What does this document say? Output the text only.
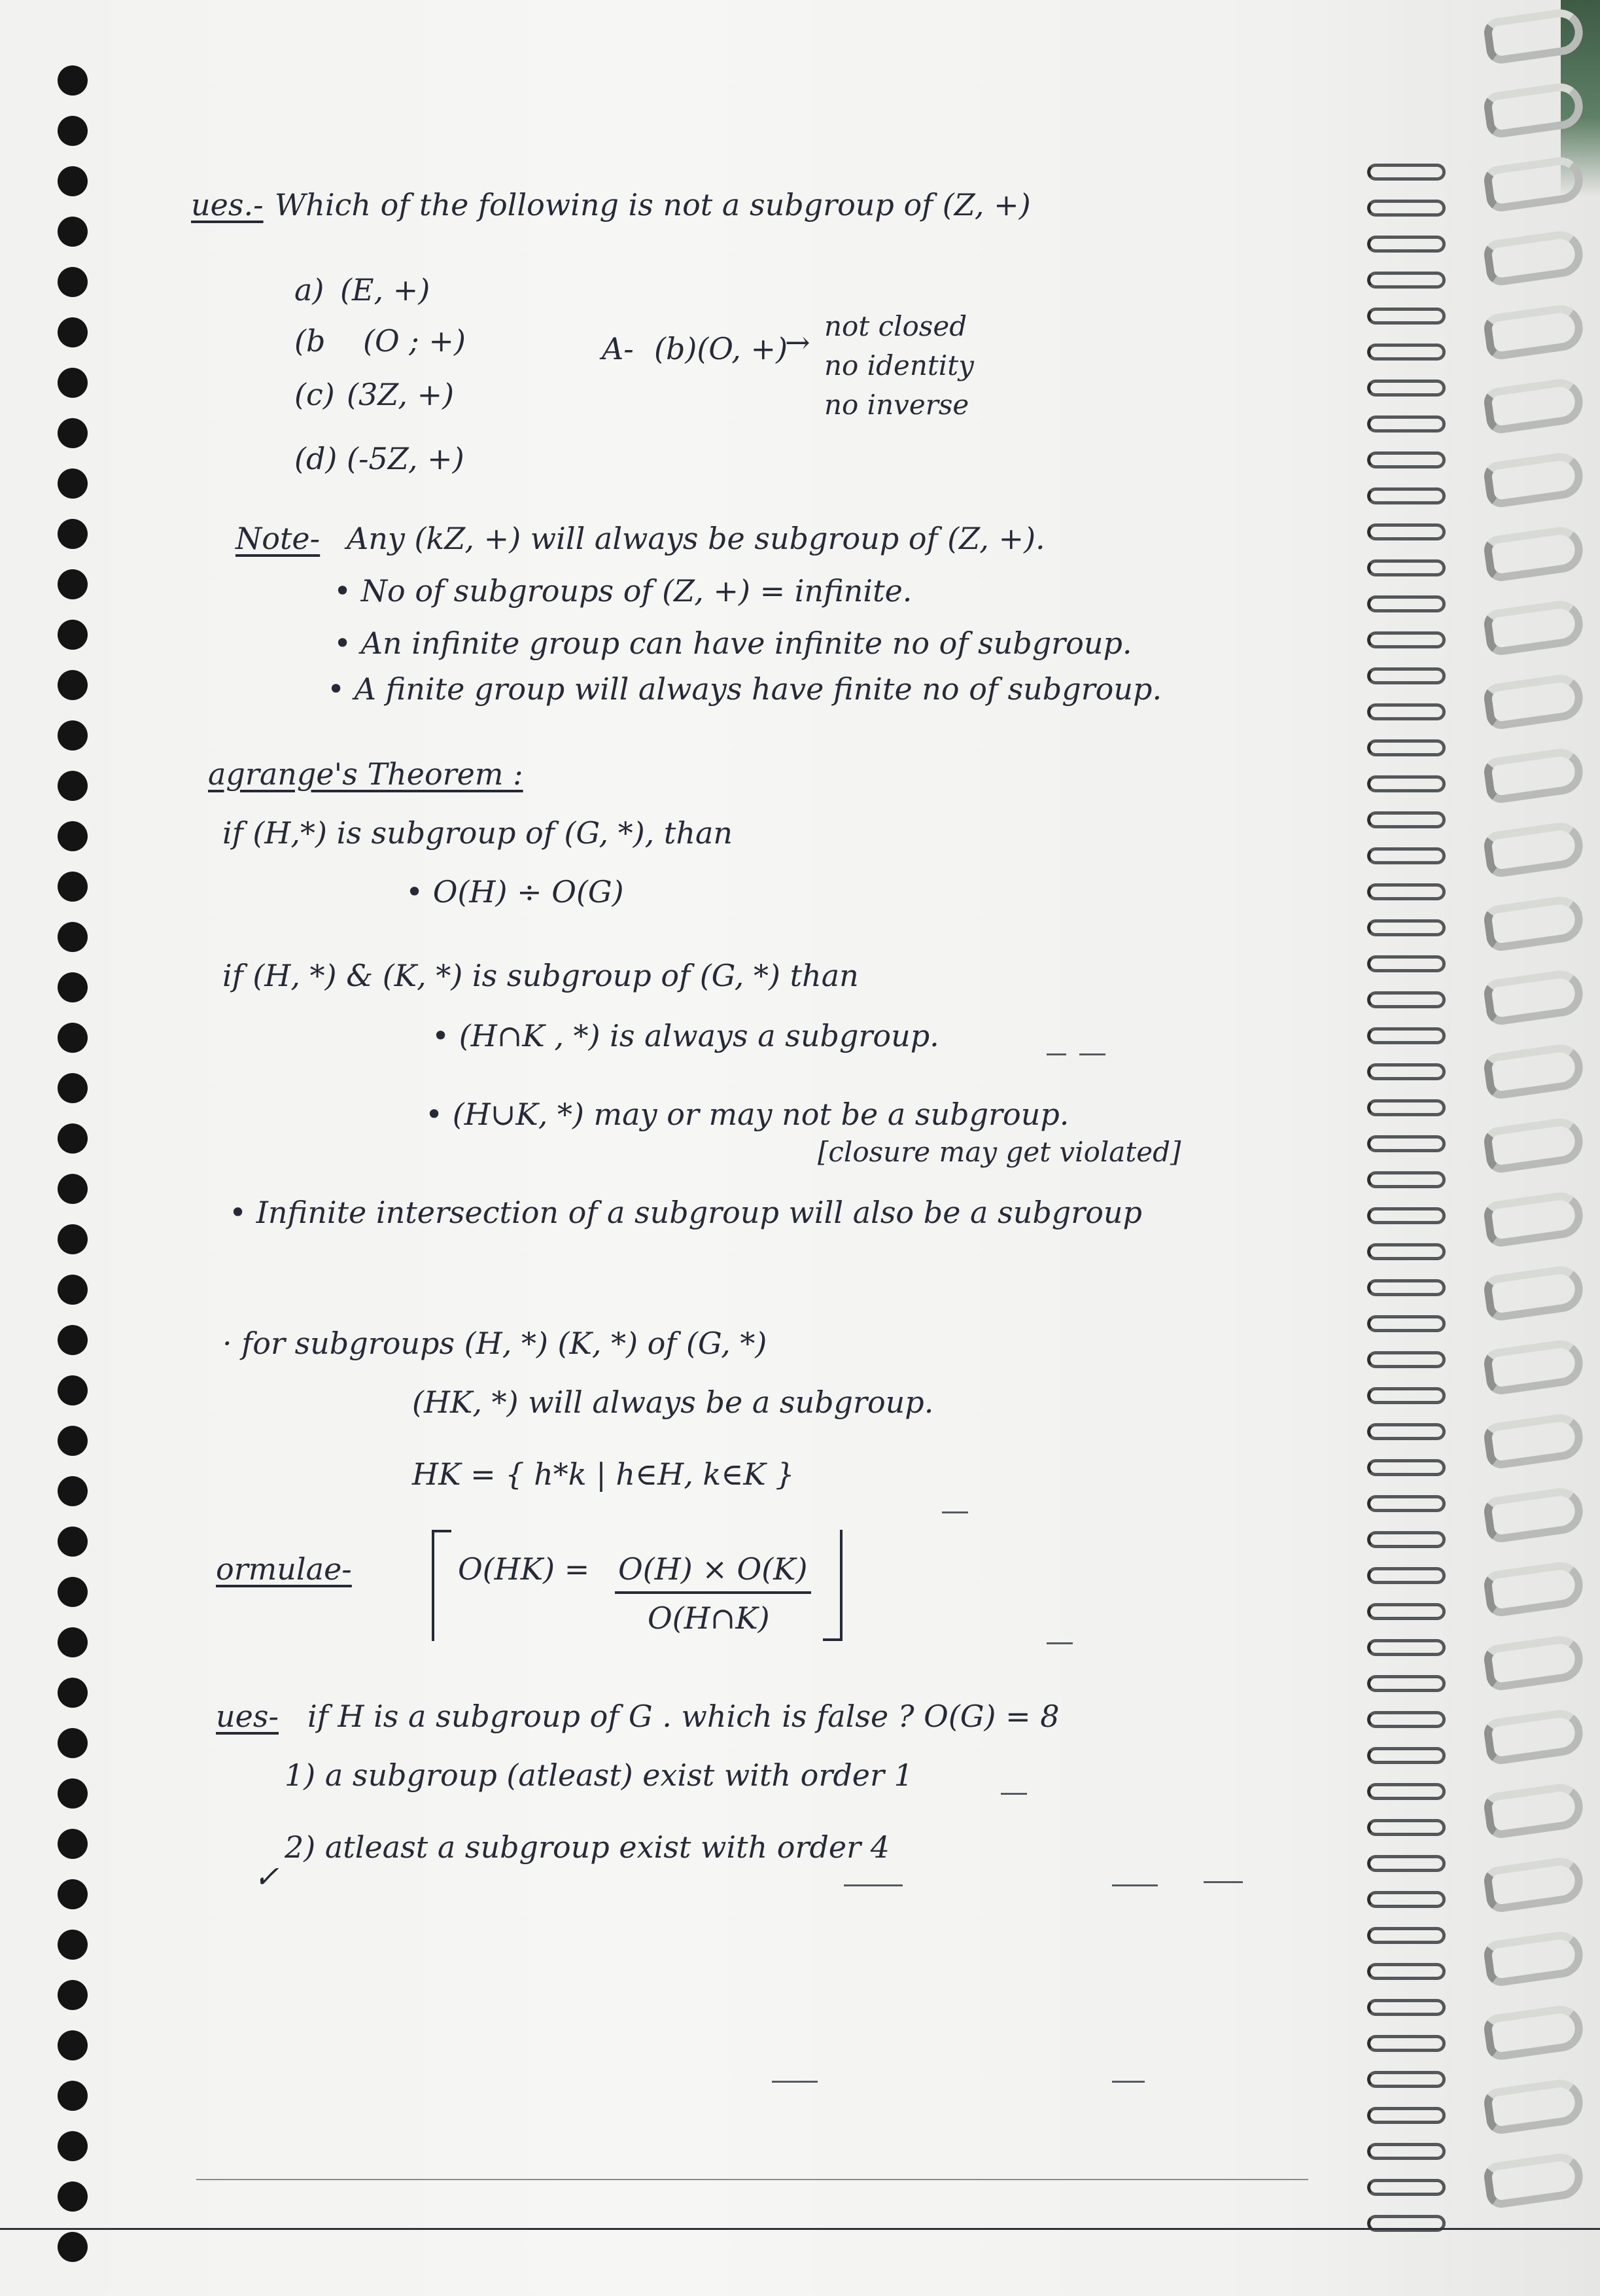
ues.- Which of the following is not a subgroup of (Z, +)
a) (E, +)
(b (O ; +)
(c) (3Z, +)
(d) (-5Z, +)
A- (b)(O, +)
→ not closed
no identity
no inverse
Note- Any (kZ, +) will always be subgroup of (Z, +).
• No of subgroups of (Z, +) = infinite.
• An infinite group can have infinite no of subgroup.
• A finite group will always have finite no of subgroup.
agrange's Theorem :
if (H,*) is subgroup of (G, *), than
• O(H) ÷ O(G)
if (H, *) & (K, *) is subgroup of (G, *) than
• (H∩K , *) is always a subgroup.
• (H∪K, *) may or may not be a subgroup.
[closure may get violated]
• Infinite intersection of a subgroup will also be a subgroup
· for subgroups (H, *) (K, *) of (G, *)
(HK, *) will always be a subgroup.
HK = { h*k | h∈H, k∈K }
ormulae-	O(HK) = O(H) × O(K)
O(H∩K)
ues- if H is a subgroup of G . which is false ? O(G) = 8
1) a subgroup (atleast) exist with order 1
2) atleast a subgroup exist with order 4
✓
